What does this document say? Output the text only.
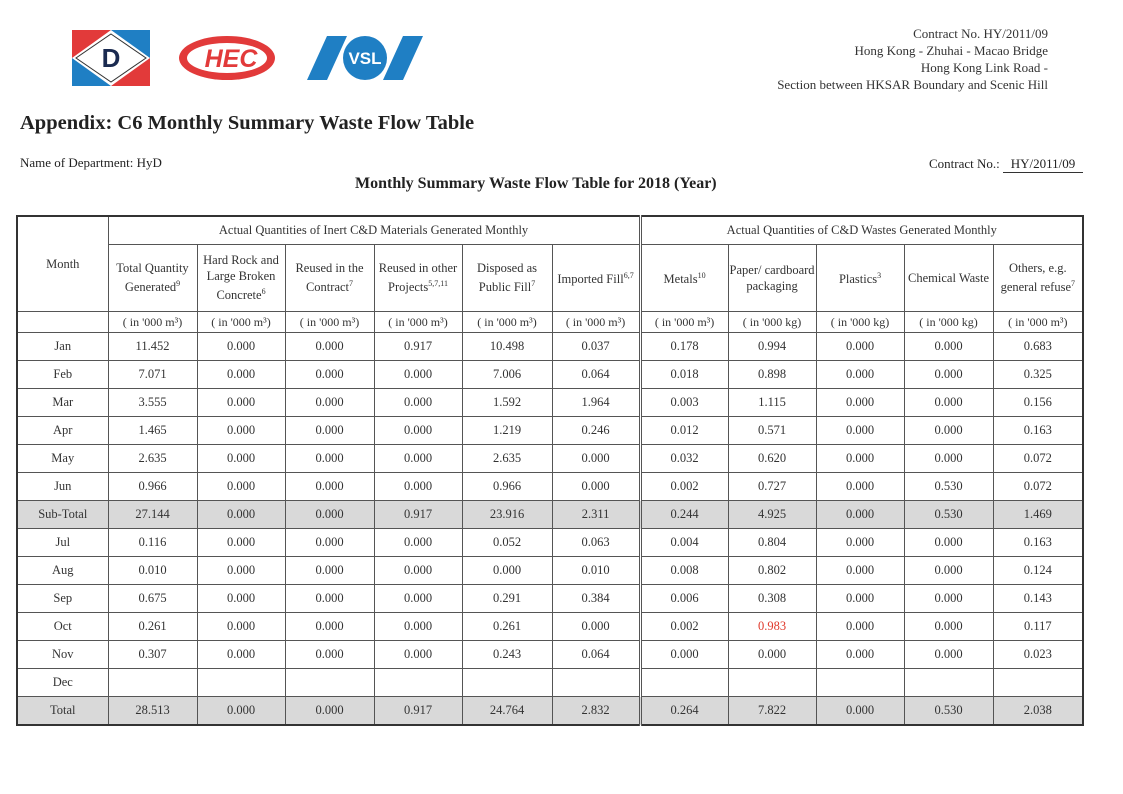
D	HEC	VSL
Contract No. HY/2011/09
Hong Kong - Zhuhai - Macao Bridge
Hong Kong Link Road -
Section between HKSAR Boundary and Scenic Hill
Appendix: C6 Monthly Summary Waste Flow Table
Name of Department: HyD	Contract No.: HY/2011/09
Monthly Summary Waste Flow Table for 2018 (Year)
Month	Actual Quantities of Inert C&D Materials Generated Monthly						Actual Quantities of C&D Wastes Generated Monthly				
	Total Quantity Generated$^9$	Hard Rock and Large Broken Concrete$^6$	Reused in the Contract$^7$	Reused in other Projects$^{5,7,11}$	Disposed as Public Fill$^7$	Imported Fill$^{6,7}$	Metals$^{10}$	Paper/ cardboard packaging	Plastics$^3$	Chemical Waste	Others, e.g. general refuse$^7$
	( in '000 m³)	( in '000 m³)	( in '000 m³)	( in '000 m³)	( in '000 m³)	( in '000 m³)	( in '000 m³)	( in '000 kg)	( in '000 kg)	( in '000 kg)	( in '000 m³)
Jan	11.452	0.000	0.000	0.917	10.498	0.037	0.178	0.994	0.000	0.000	0.683
Feb	7.071	0.000	0.000	0.000	7.006	0.064	0.018	0.898	0.000	0.000	0.325
Mar	3.555	0.000	0.000	0.000	1.592	1.964	0.003	1.115	0.000	0.000	0.156
Apr	1.465	0.000	0.000	0.000	1.219	0.246	0.012	0.571	0.000	0.000	0.163
May	2.635	0.000	0.000	0.000	2.635	0.000	0.032	0.620	0.000	0.000	0.072
Jun	0.966	0.000	0.000	0.000	0.966	0.000	0.002	0.727	0.000	0.530	0.072
Sub-Total	27.144	0.000	0.000	0.917	23.916	2.311	0.244	4.925	0.000	0.530	1.469
Jul	0.116	0.000	0.000	0.000	0.052	0.063	0.004	0.804	0.000	0.000	0.163
Aug	0.010	0.000	0.000	0.000	0.000	0.010	0.008	0.802	0.000	0.000	0.124
Sep	0.675	0.000	0.000	0.000	0.291	0.384	0.006	0.308	0.000	0.000	0.143
Oct	0.261	0.000	0.000	0.000	0.261	0.000	0.002	0.983	0.000	0.000	0.117
Nov	0.307	0.000	0.000	0.000	0.243	0.064	0.000	0.000	0.000	0.000	0.023
Dec											
Total	28.513	0.000	0.000	0.917	24.764	2.832	0.264	7.822	0.000	0.530	2.038
